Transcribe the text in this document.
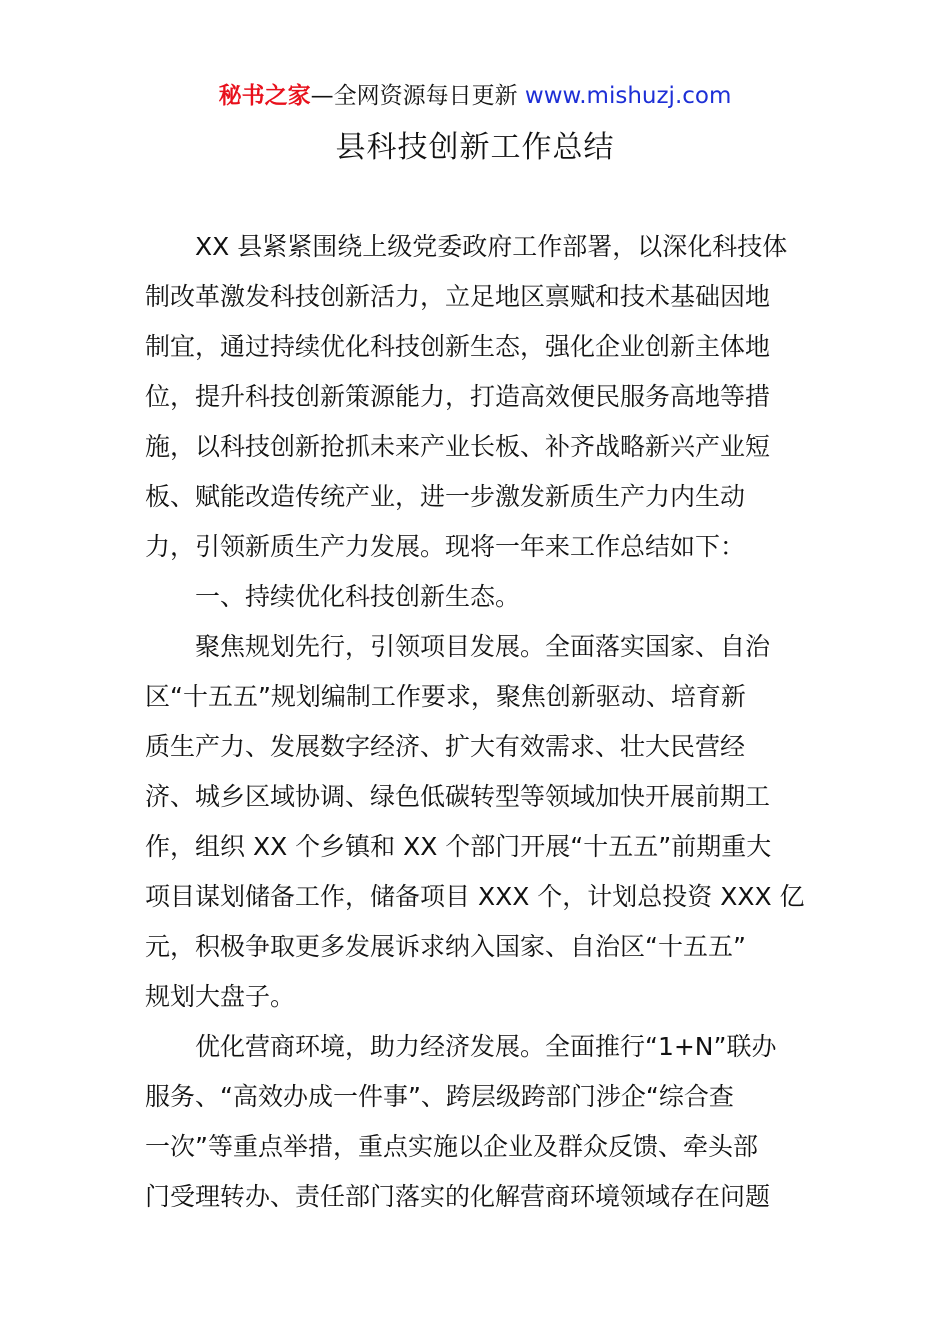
秘书之家—全网资源每日更新 www.mishuzj.com
县科技创新工作总结
XX 县紧紧围绕上级党委政府工作部署，以深化科技体
制改革激发科技创新活力，立足地区禀赋和技术基础因地
制宜，通过持续优化科技创新生态，强化企业创新主体地
位，提升科技创新策源能力，打造高效便民服务高地等措
施，以科技创新抢抓未来产业长板、补齐战略新兴产业短
板、赋能改造传统产业，进一步激发新质生产力内生动
力，引领新质生产力发展。现将一年来工作总结如下：
一、持续优化科技创新生态。
聚焦规划先行，引领项目发展。全面落实国家、自治
区“十五五”规划编制工作要求，聚焦创新驱动、培育新
质生产力、发展数字经济、扩大有效需求、壮大民营经
济、城乡区域协调、绿色低碳转型等领域加快开展前期工
作，组织 XX 个乡镇和 XX 个部门开展“十五五”前期重大
项目谋划储备工作，储备项目 XXX 个，计划总投资 XXX 亿
元，积极争取更多发展诉求纳入国家、自治区“十五五”
规划大盘子。
优化营商环境，助力经济发展。全面推行“1+N”联办
服务、“高效办成一件事”、跨层级跨部门涉企“综合查
一次”等重点举措，重点实施以企业及群众反馈、牵头部
门受理转办、责任部门落实的化解营商环境领域存在问题
